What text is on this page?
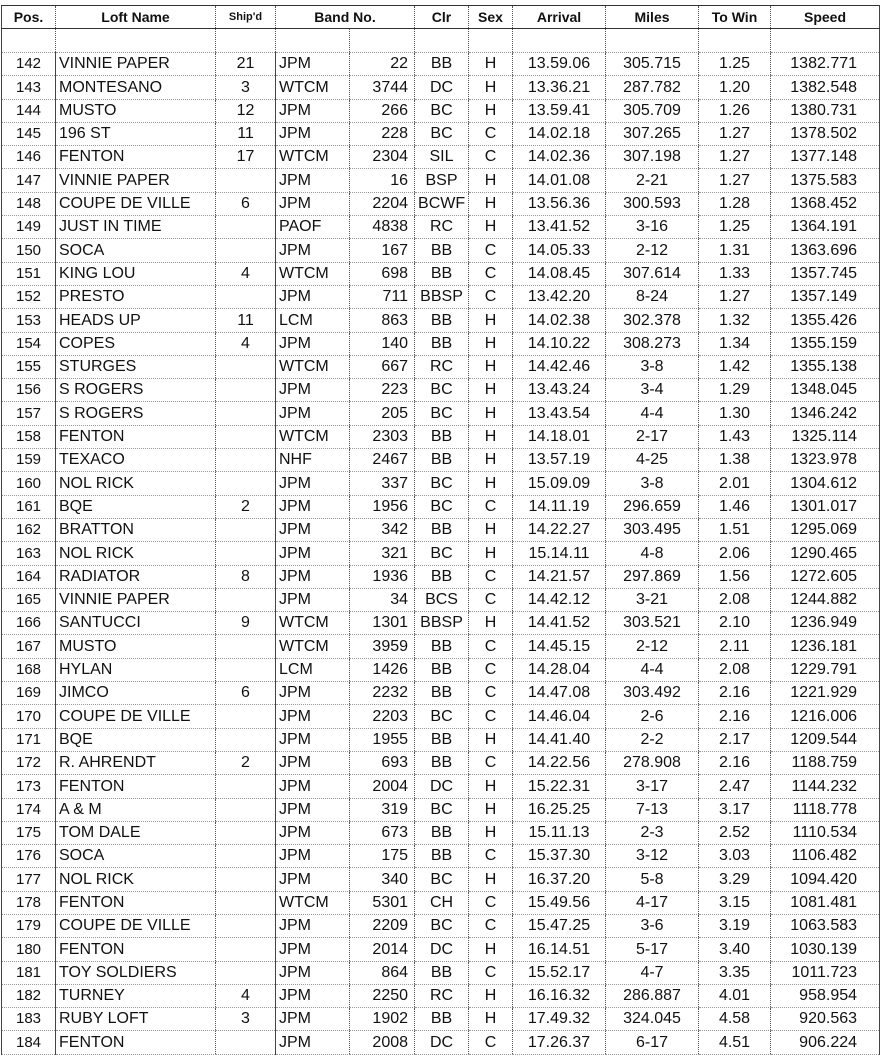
Pos.	Loft Name	Ship'd	Band No.		Clr	Sex	Arrival	Miles	To Win	Speed

142	VINNIE PAPER	21	JPM	22	BB	H	13.59.06	305.715	1.25	1382.771
143	MONTESANO	3	WTCM	3744	DC	H	13.36.21	287.782	1.20	1382.548
144	MUSTO	12	JPM	266	BC	H	13.59.41	305.709	1.26	1380.731
145	196 ST	11	JPM	228	BC	C	14.02.18	307.265	1.27	1378.502
146	FENTON	17	WTCM	2304	SIL	C	14.02.36	307.198	1.27	1377.148
147	VINNIE PAPER		JPM	16	BSP	H	14.01.08	2-21	1.27	1375.583
148	COUPE DE VILLE	6	JPM	2204	BCWF	H	13.56.36	300.593	1.28	1368.452
149	JUST IN TIME		PAOF	4838	RC	H	13.41.52	3-16	1.25	1364.191
150	SOCA		JPM	167	BB	C	14.05.33	2-12	1.31	1363.696
151	KING LOU	4	WTCM	698	BB	C	14.08.45	307.614	1.33	1357.745
152	PRESTO		JPM	711	BBSP	C	13.42.20	8-24	1.27	1357.149
153	HEADS UP	11	LCM	863	BB	H	14.02.38	302.378	1.32	1355.426
154	COPES	4	JPM	140	BB	H	14.10.22	308.273	1.34	1355.159
155	STURGES		WTCM	667	RC	H	14.42.46	3-8	1.42	1355.138
156	S ROGERS		JPM	223	BC	H	13.43.24	3-4	1.29	1348.045
157	S ROGERS		JPM	205	BC	H	13.43.54	4-4	1.30	1346.242
158	FENTON		WTCM	2303	BB	H	14.18.01	2-17	1.43	1325.114
159	TEXACO		NHF	2467	BB	H	13.57.19	4-25	1.38	1323.978
160	NOL RICK		JPM	337	BC	H	15.09.09	3-8	2.01	1304.612
161	BQE	2	JPM	1956	BC	C	14.11.19	296.659	1.46	1301.017
162	BRATTON		JPM	342	BB	H	14.22.27	303.495	1.51	1295.069
163	NOL RICK		JPM	321	BC	H	15.14.11	4-8	2.06	1290.465
164	RADIATOR	8	JPM	1936	BB	C	14.21.57	297.869	1.56	1272.605
165	VINNIE PAPER		JPM	34	BCS	C	14.42.12	3-21	2.08	1244.882
166	SANTUCCI	9	WTCM	1301	BBSP	H	14.41.52	303.521	2.10	1236.949
167	MUSTO		WTCM	3959	BB	C	14.45.15	2-12	2.11	1236.181
168	HYLAN		LCM	1426	BB	C	14.28.04	4-4	2.08	1229.791
169	JIMCO	6	JPM	2232	BB	C	14.47.08	303.492	2.16	1221.929
170	COUPE DE VILLE		JPM	2203	BC	C	14.46.04	2-6	2.16	1216.006
171	BQE		JPM	1955	BB	H	14.41.40	2-2	2.17	1209.544
172	R. AHRENDT	2	JPM	693	BB	C	14.22.56	278.908	2.16	1188.759
173	FENTON		JPM	2004	DC	H	15.22.31	3-17	2.47	1144.232
174	A & M		JPM	319	BC	H	16.25.25	7-13	3.17	1118.778
175	TOM DALE		JPM	673	BB	H	15.11.13	2-3	2.52	1110.534
176	SOCA		JPM	175	BB	C	15.37.30	3-12	3.03	1106.482
177	NOL RICK		JPM	340	BC	H	16.37.20	5-8	3.29	1094.420
178	FENTON		WTCM	5301	CH	C	15.49.56	4-17	3.15	1081.481
179	COUPE DE VILLE		JPM	2209	BC	C	15.47.25	3-6	3.19	1063.583
180	FENTON		JPM	2014	DC	H	16.14.51	5-17	3.40	1030.139
181	TOY SOLDIERS		JPM	864	BB	C	15.52.17	4-7	3.35	1011.723
182	TURNEY	4	JPM	2250	RC	H	16.16.32	286.887	4.01	958.954
183	RUBY LOFT	3	JPM	1902	BB	H	17.49.32	324.045	4.58	920.563
184	FENTON		JPM	2008	DC	C	17.26.37	6-17	4.51	906.224
